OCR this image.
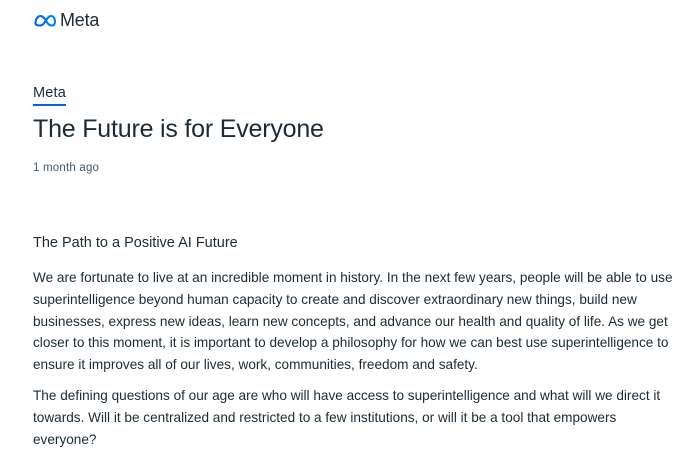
Meta
Meta
The Future is for Everyone
1 month ago
The Path to a Positive AI Future

We are fortunate to live at an incredible moment in history. In the next few years, people will be able to use superintelligence beyond human capacity to create and discover extraordinary new things, build new businesses, express new ideas, learn new concepts, and advance our health and quality of life. As we get closer to this moment, it is important to develop a philosophy for how we can best use superintelligence to ensure it improves all of our lives, work, communities, freedom and safety.

The defining questions of our age are who will have access to superintelligence and what will we direct it towards. Will it be centralized and restricted to a few institutions, or will it be a tool that empowers everyone?
